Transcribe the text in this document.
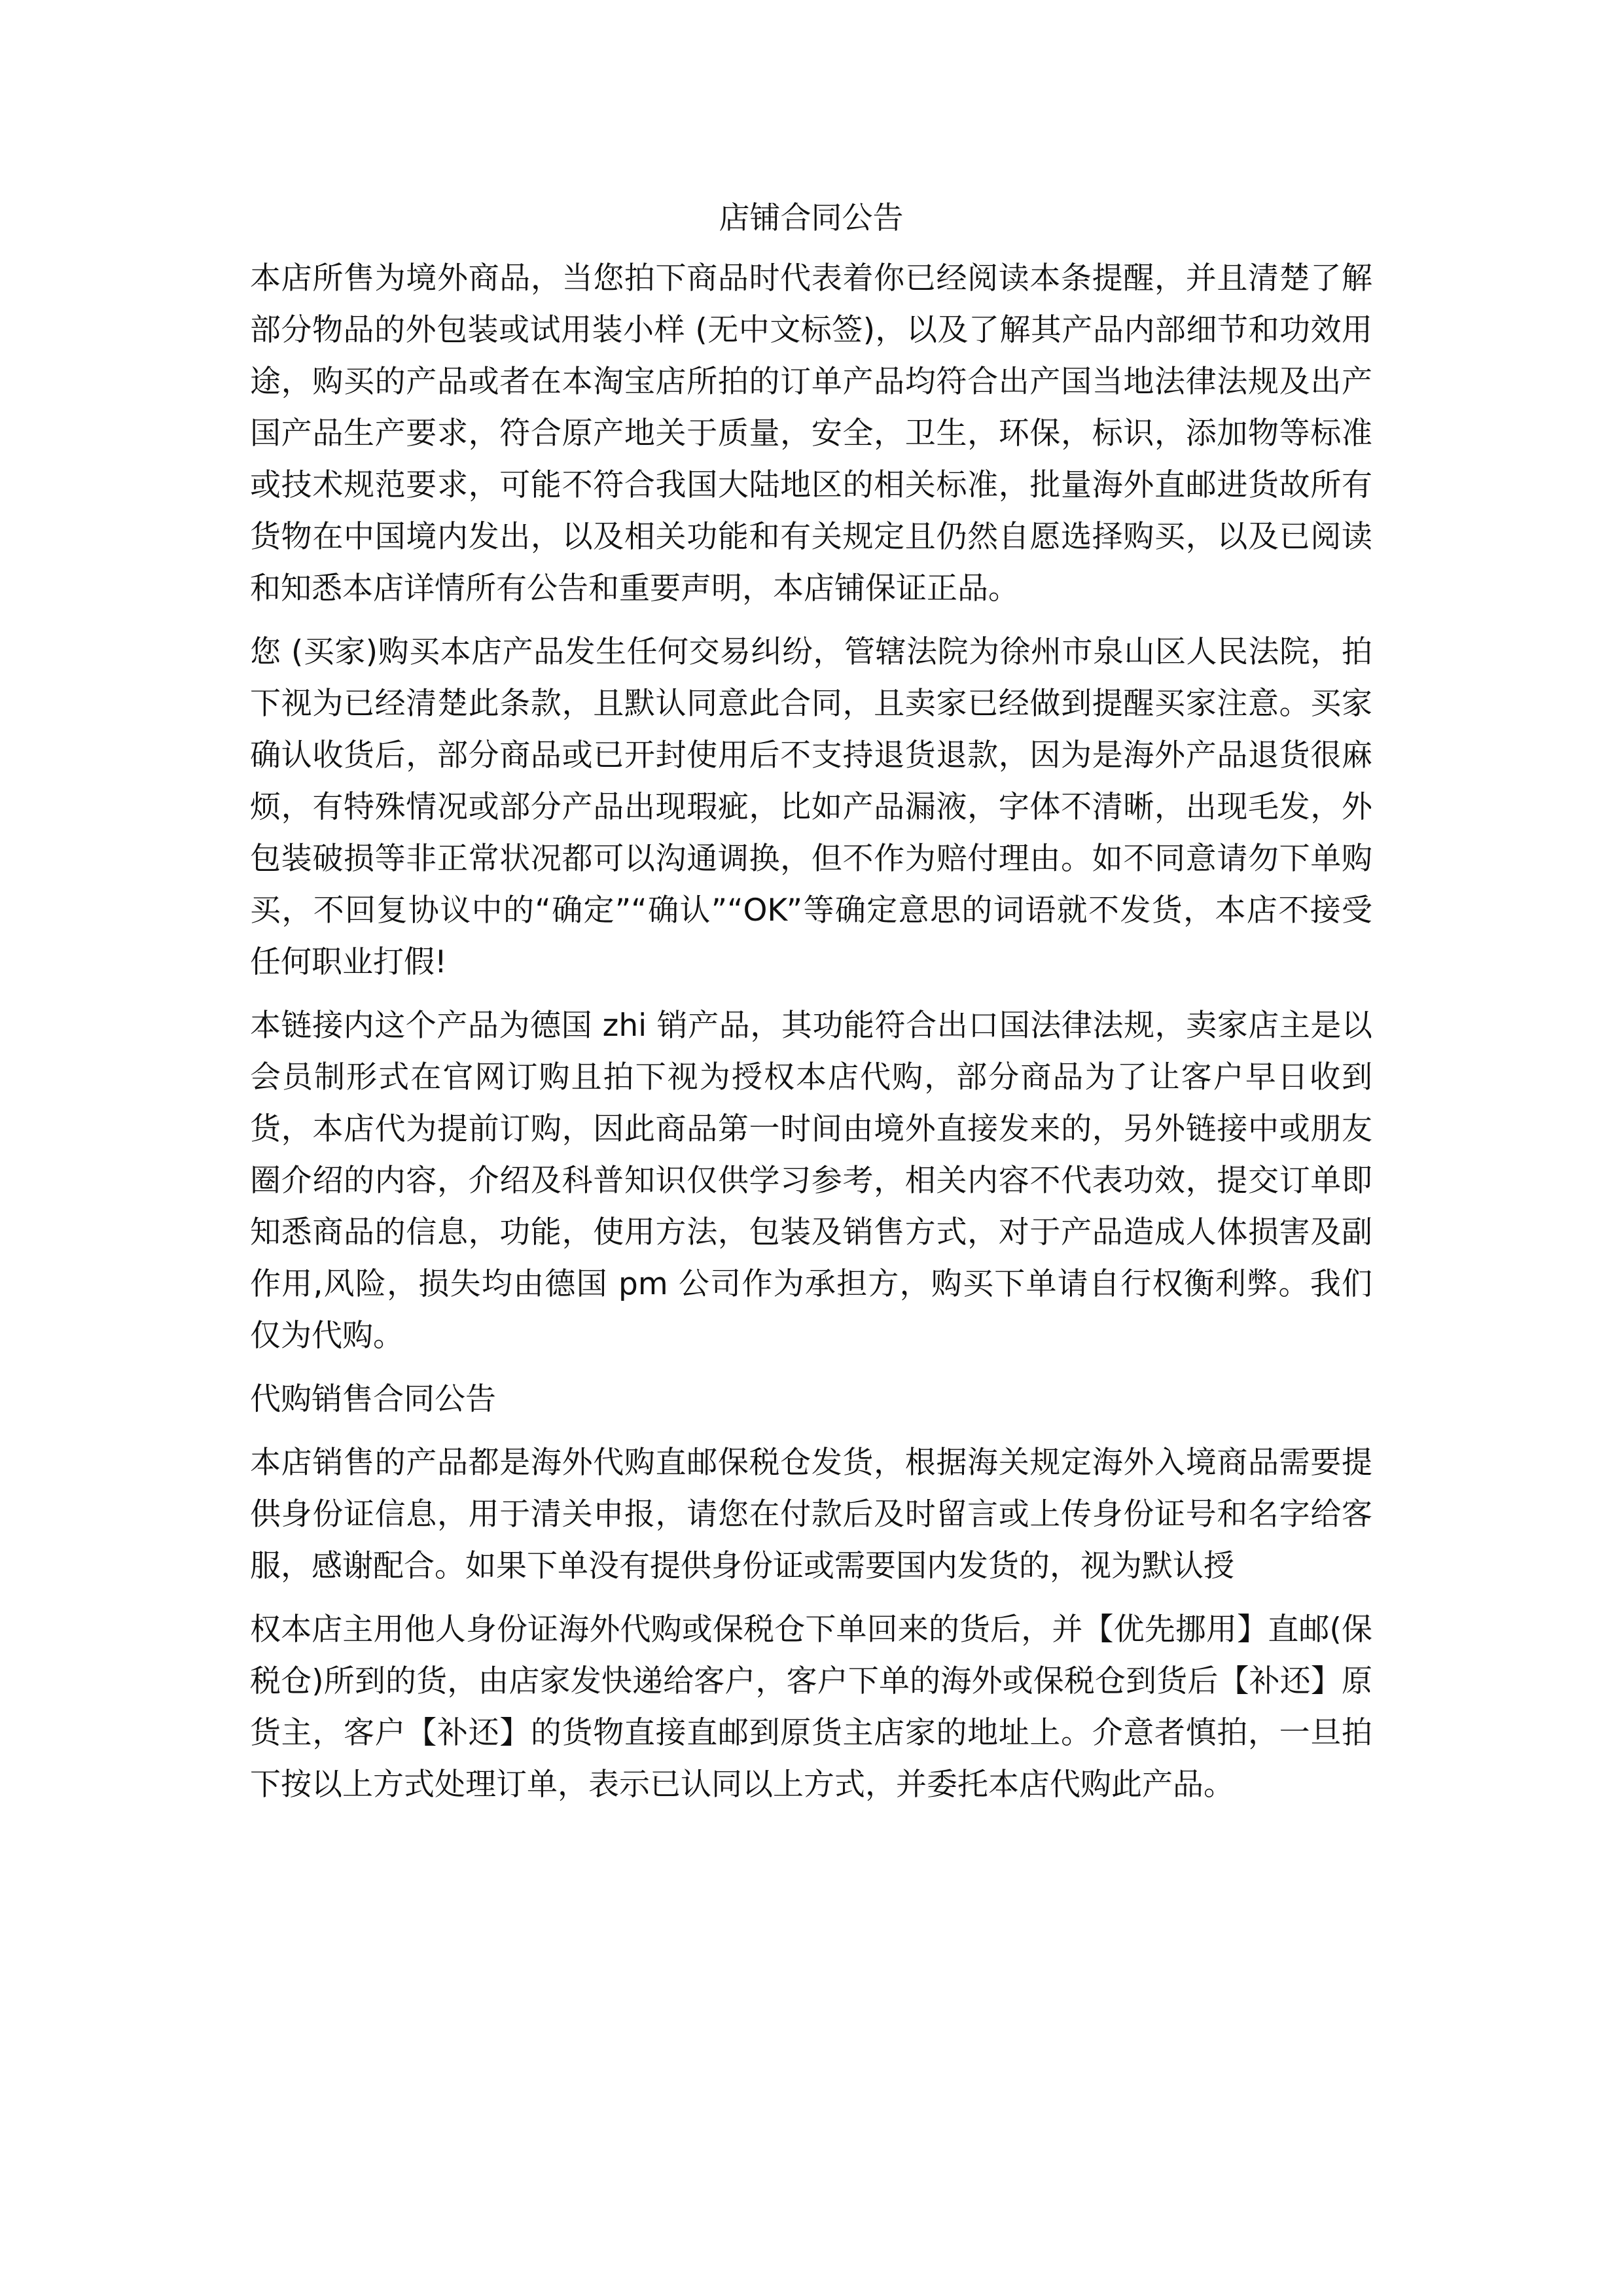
店铺合同公告

本店所售为境外商品，当您拍下商品时代表着你已经阅读本条提醒，并且清楚了解部分物品的外包装或试用装小样 (无中文标签)，以及了解其产品内部细节和功效用途，购买的产品或者在本淘宝店所拍的订单产品均符合出产国当地法律法规及出产国产品生产要求，符合原产地关于质量，安全，卫生，环保，标识，添加物等标准或技术规范要求，可能不符合我国大陆地区的相关标准，批量海外直邮进货故所有货物在中国境内发出，以及相关功能和有关规定且仍然自愿选择购买，以及已阅读和知悉本店详情所有公告和重要声明，本店铺保证正品。

您 (买家)购买本店产品发生任何交易纠纷，管辖法院为徐州市泉山区人民法院，拍下视为已经清楚此条款，且默认同意此合同，且卖家已经做到提醒买家注意。买家确认收货后，部分商品或已开封使用后不支持退货退款，因为是海外产品退货很麻烦，有特殊情况或部分产品出现瑕疵，比如产品漏液，字体不清晰，出现毛发，外包装破损等非正常状况都可以沟通调换，但不作为赔付理由。如不同意请勿下单购买，不回复协议中的“确定”“确认”“OK”等确定意思的词语就不发货，本店不接受任何职业打假!

本链接内这个产品为德国 zhi 销产品，其功能符合出口国法律法规，卖家店主是以会员制形式在官网订购且拍下视为授权本店代购，部分商品为了让客户早日收到货，本店代为提前订购，因此商品第一时间由境外直接发来的，另外链接中或朋友圈介绍的内容，介绍及科普知识仅供学习参考，相关内容不代表功效，提交订单即知悉商品的信息，功能，使用方法，包装及销售方式，对于产品造成人体损害及副作用,风险，损失均由德国 pm 公司作为承担方，购买下单请自行权衡利弊。我们仅为代购。

代购销售合同公告

本店销售的产品都是海外代购直邮保税仓发货，根据海关规定海外入境商品需要提供身份证信息，用于清关申报，请您在付款后及时留言或上传身份证号和名字给客服，感谢配合。如果下单没有提供身份证或需要国内发货的，视为默认授

权本店主用他人身份证海外代购或保税仓下单回来的货后，并【优先挪用】直邮(保税仓)所到的货，由店家发快递给客户，客户下单的海外或保税仓到货后【补还】原货主，客户【补还】的货物直接直邮到原货主店家的地址上。介意者慎拍，一旦拍下按以上方式处理订单，表示已认同以上方式，并委托本店代购此产品。
